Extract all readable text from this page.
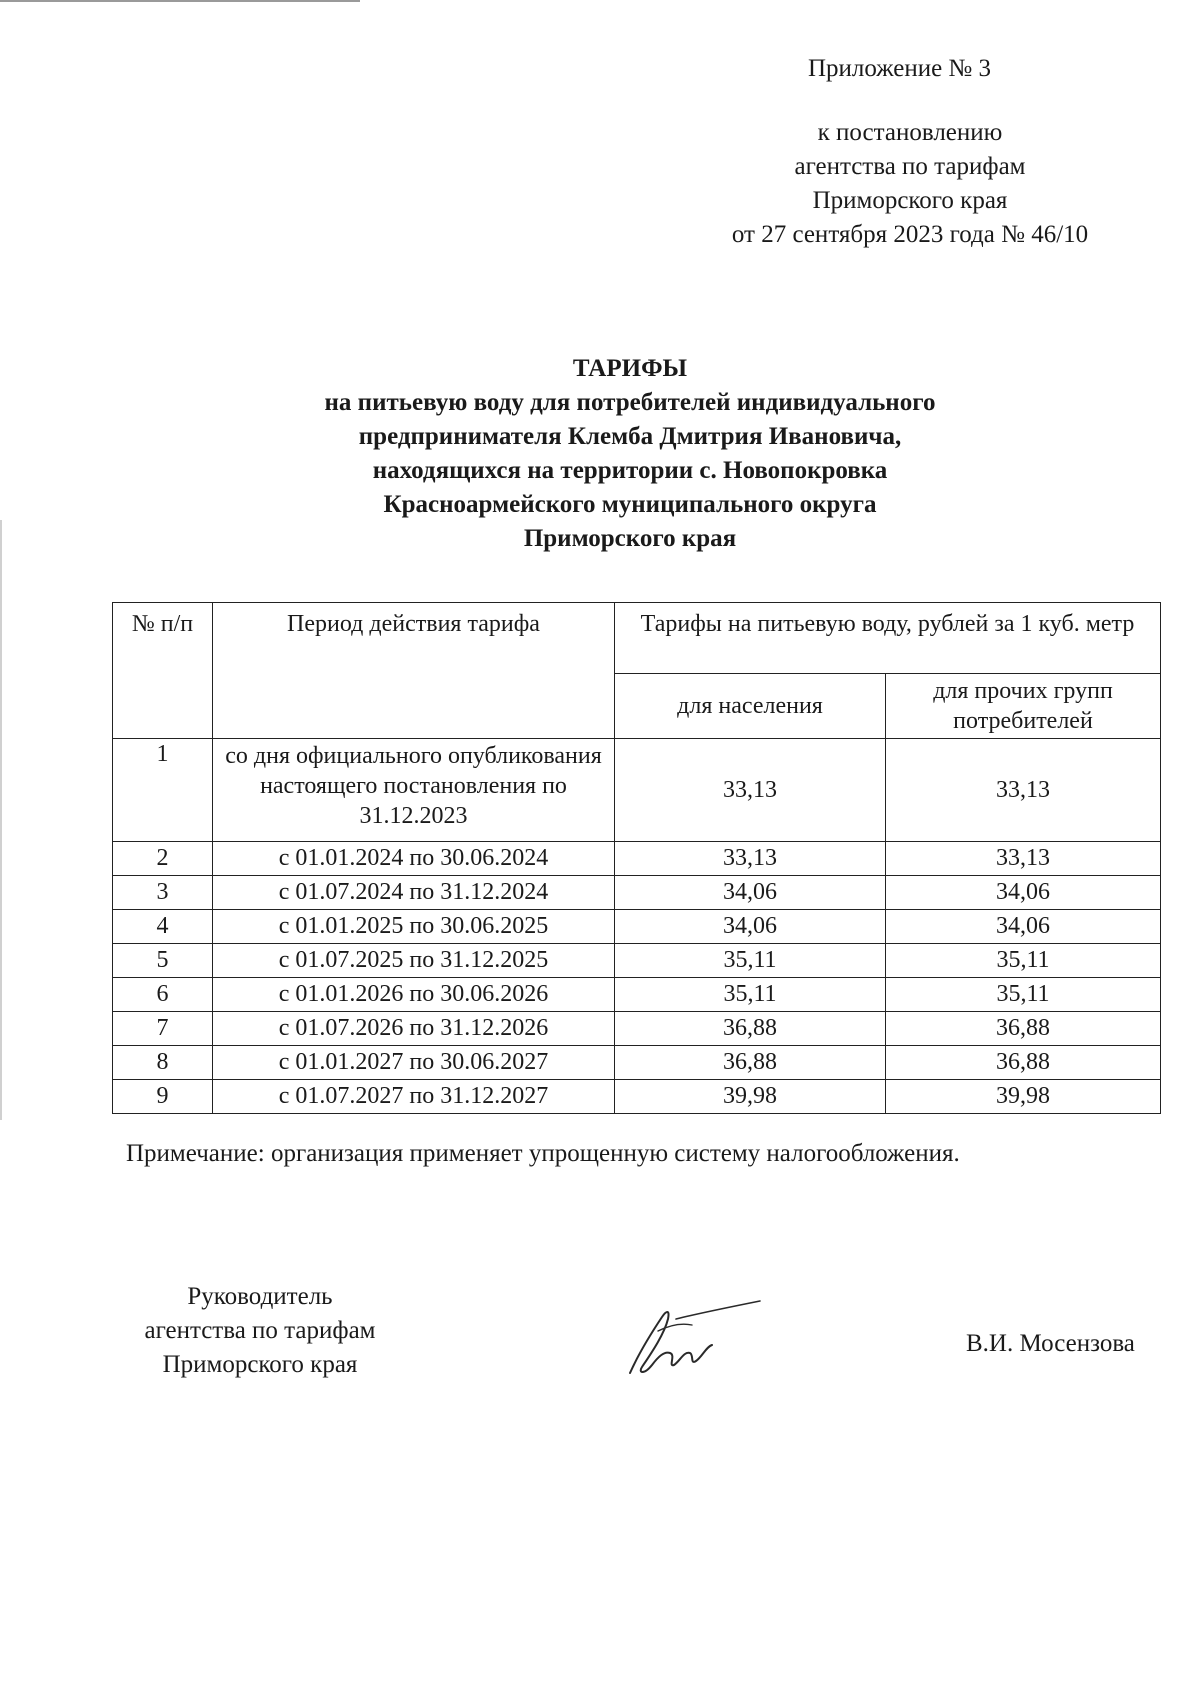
Приложение № 3
к постановлению
агентства по тарифам
Приморского края
от 27 сентября 2023 года № 46/10
ТАРИФЫ
на питьевую воду для потребителей индивидуального
предпринимателя Клемба Дмитрия Ивановича,
находящихся на территории с. Новопокровка
Красноармейского муниципального округа
Приморского края
№ п/п	Период действия тарифа	Тарифы на питьевую воду, рублей за 1 куб. метр	
		для населения	для прочих групп потребителей
1	со дня официального опубликования настоящего постановления по 31.12.2023	33,13	33,13
2	с 01.01.2024 по 30.06.2024	33,13	33,13
3	с 01.07.2024 по 31.12.2024	34,06	34,06
4	с 01.01.2025 по 30.06.2025	34,06	34,06
5	с 01.07.2025 по 31.12.2025	35,11	35,11
6	с 01.01.2026 по 30.06.2026	35,11	35,11
7	с 01.07.2026 по 31.12.2026	36,88	36,88
8	с 01.01.2027 по 30.06.2027	36,88	36,88
9	с 01.07.2027 по 31.12.2027	39,98	39,98
Примечание: организация применяет упрощенную систему налогообложения.
Руководитель
агентства по тарифам
Приморского края
В.И. Мосензова
